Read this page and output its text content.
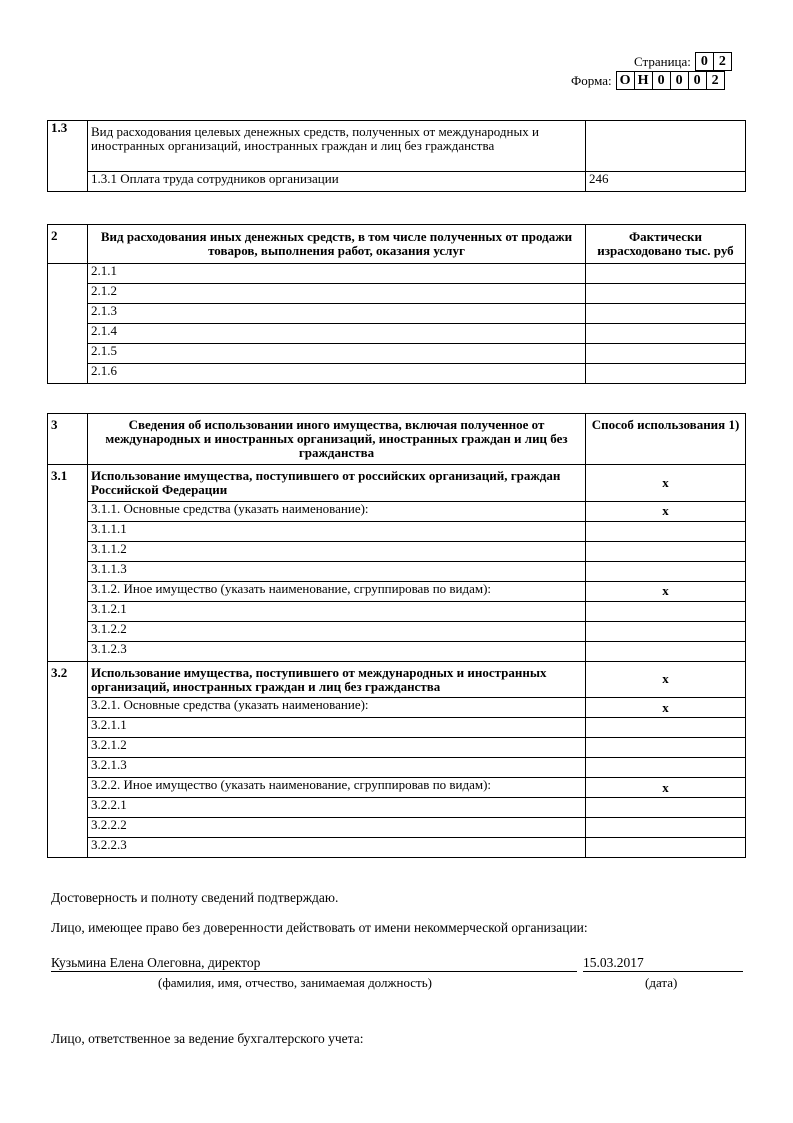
Страница: 0 2
Форма: О Н 0 0 0 2
1.3	Вид расходования целевых денежных средств, полученных от международных и иностранных организаций, иностранных граждан и лиц без гражданства	
	1.3.1 Оплата труда сотрудников организации	246
2	Вид расходования иных денежных средств, в том числе полученных от продажи товаров, выполнения работ, оказания услуг	Фактически израсходовано тыс. руб
	2.1.1	
	2.1.2	
	2.1.3	
	2.1.4	
	2.1.5	
	2.1.6	
3	Сведения об использовании иного имущества, включая полученное от международных и иностранных организаций, иностранных граждан и лиц без гражданства	Способ использования 1)
3.1	Использование имущества, поступившего от российских организаций, граждан Российской Федерации	x
	3.1.1. Основные средства (указать наименование):	x
	3.1.1.1	
	3.1.1.2	
	3.1.1.3	
	3.1.2. Иное имущество (указать наименование, сгруппировав по видам):	x
	3.1.2.1	
	3.1.2.2	
	3.1.2.3	
3.2	Использование имущества, поступившего от международных и иностранных организаций, иностранных граждан и лиц без гражданства	x
	3.2.1. Основные средства (указать наименование):	x
	3.2.1.1	
	3.2.1.2	
	3.2.1.3	
	3.2.2. Иное имущество (указать наименование, сгруппировав по видам):	x
	3.2.2.1	
	3.2.2.2	
	3.2.2.3	
Достоверность и полноту сведений подтверждаю.
Лицо, имеющее право без доверенности действовать от имени некоммерческой организации:
Кузьмина Елена Олеговна, директор	15.03.2017
(фамилия, имя, отчество, занимаемая должность)	(дата)
Лицо, ответственное за ведение бухгалтерского учета:
